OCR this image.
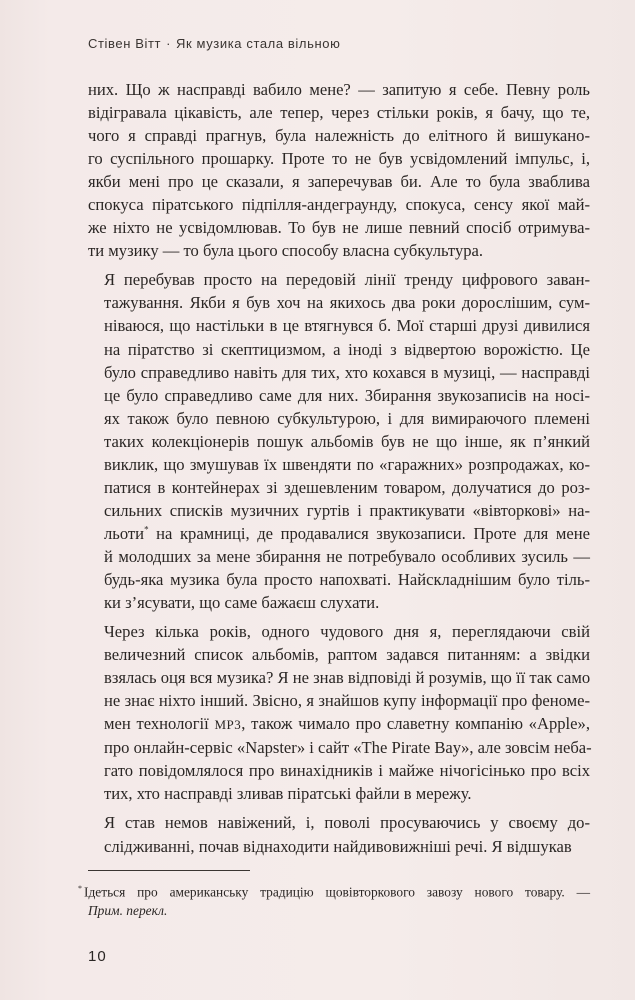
Стівен Вітт · Як музика стала вільною

них. Що ж насправді вабило мене? — запитую я себе. Певну роль
відігравала цікавість, але тепер, через стільки років, я бачу, що те,
чого я справді прагнув, була належність до елітного й вишукано-
го суспільного прошарку. Проте то не був усвідомлений імпульс, і,
якби мені про це сказали, я заперечував би. Але то була зваблива
спокуса піратського підпілля-андеграунду, спокуса, сенсу якої май-
же ніхто не усвідомлював. То був не лише певний спосіб отримува-
ти музику — то була цього способу власна субкультура.

Я перебував просто на передовій лінії тренду цифрового заван-
тажування. Якби я був хоч на якихось два роки дорослішим, сум-
ніваюся, що настільки в це втягнувся б. Мої старші друзі дивилися
на піратство зі скептицизмом, а іноді з відвертою ворожістю. Це
було справедливо навіть для тих, хто кохався в музиці, — насправді
це було справедливо саме для них. Збирання звукозаписів на носі-
ях також було певною субкультурою, і для вимираючого племені
таких колекціонерів пошук альбомів був не що інше, як п’янкий
виклик, що змушував їх швендяти по «гаражних» розпродажах, ко-
патися в контейнерах зі здешевленим товаром, долучатися до роз-
сильних списків музичних гуртів і практикувати «вівторкові» на-
льоти* на крамниці, де продавалися звукозаписи. Проте для мене
й молодших за мене збирання не потребувало особливих зусиль —
будь-яка музика була просто напохваті. Найскладнішим було тіль-
ки з’ясувати, що саме бажаєш слухати.

Через кілька років, одного чудового дня я, переглядаючи свій
величезний список альбомів, раптом задався питанням: а звідки
взялась оця вся музика? Я не знав відповіді й розумів, що її так само
не знає ніхто інший. Звісно, я знайшов купу інформації про феноме-
мен технології MP3, також чимало про славетну компанію «Apple»,
про онлайн-сервіс «Napster» і сайт «The Pirate Bay», але зовсім неба-
гато повідомлялося про винахідників і майже нічогісінько про всіх
тих, хто насправді зливав піратські файли в мережу.

Я став немов навіжений, і, поволі просуваючись у своєму до-
слідживанні, почав віднаходити найдивовижніші речі. Я відшукав

* Ідеться про американську традицію щовівторкового завозу нового товару. —
Прим. перекл.
10
